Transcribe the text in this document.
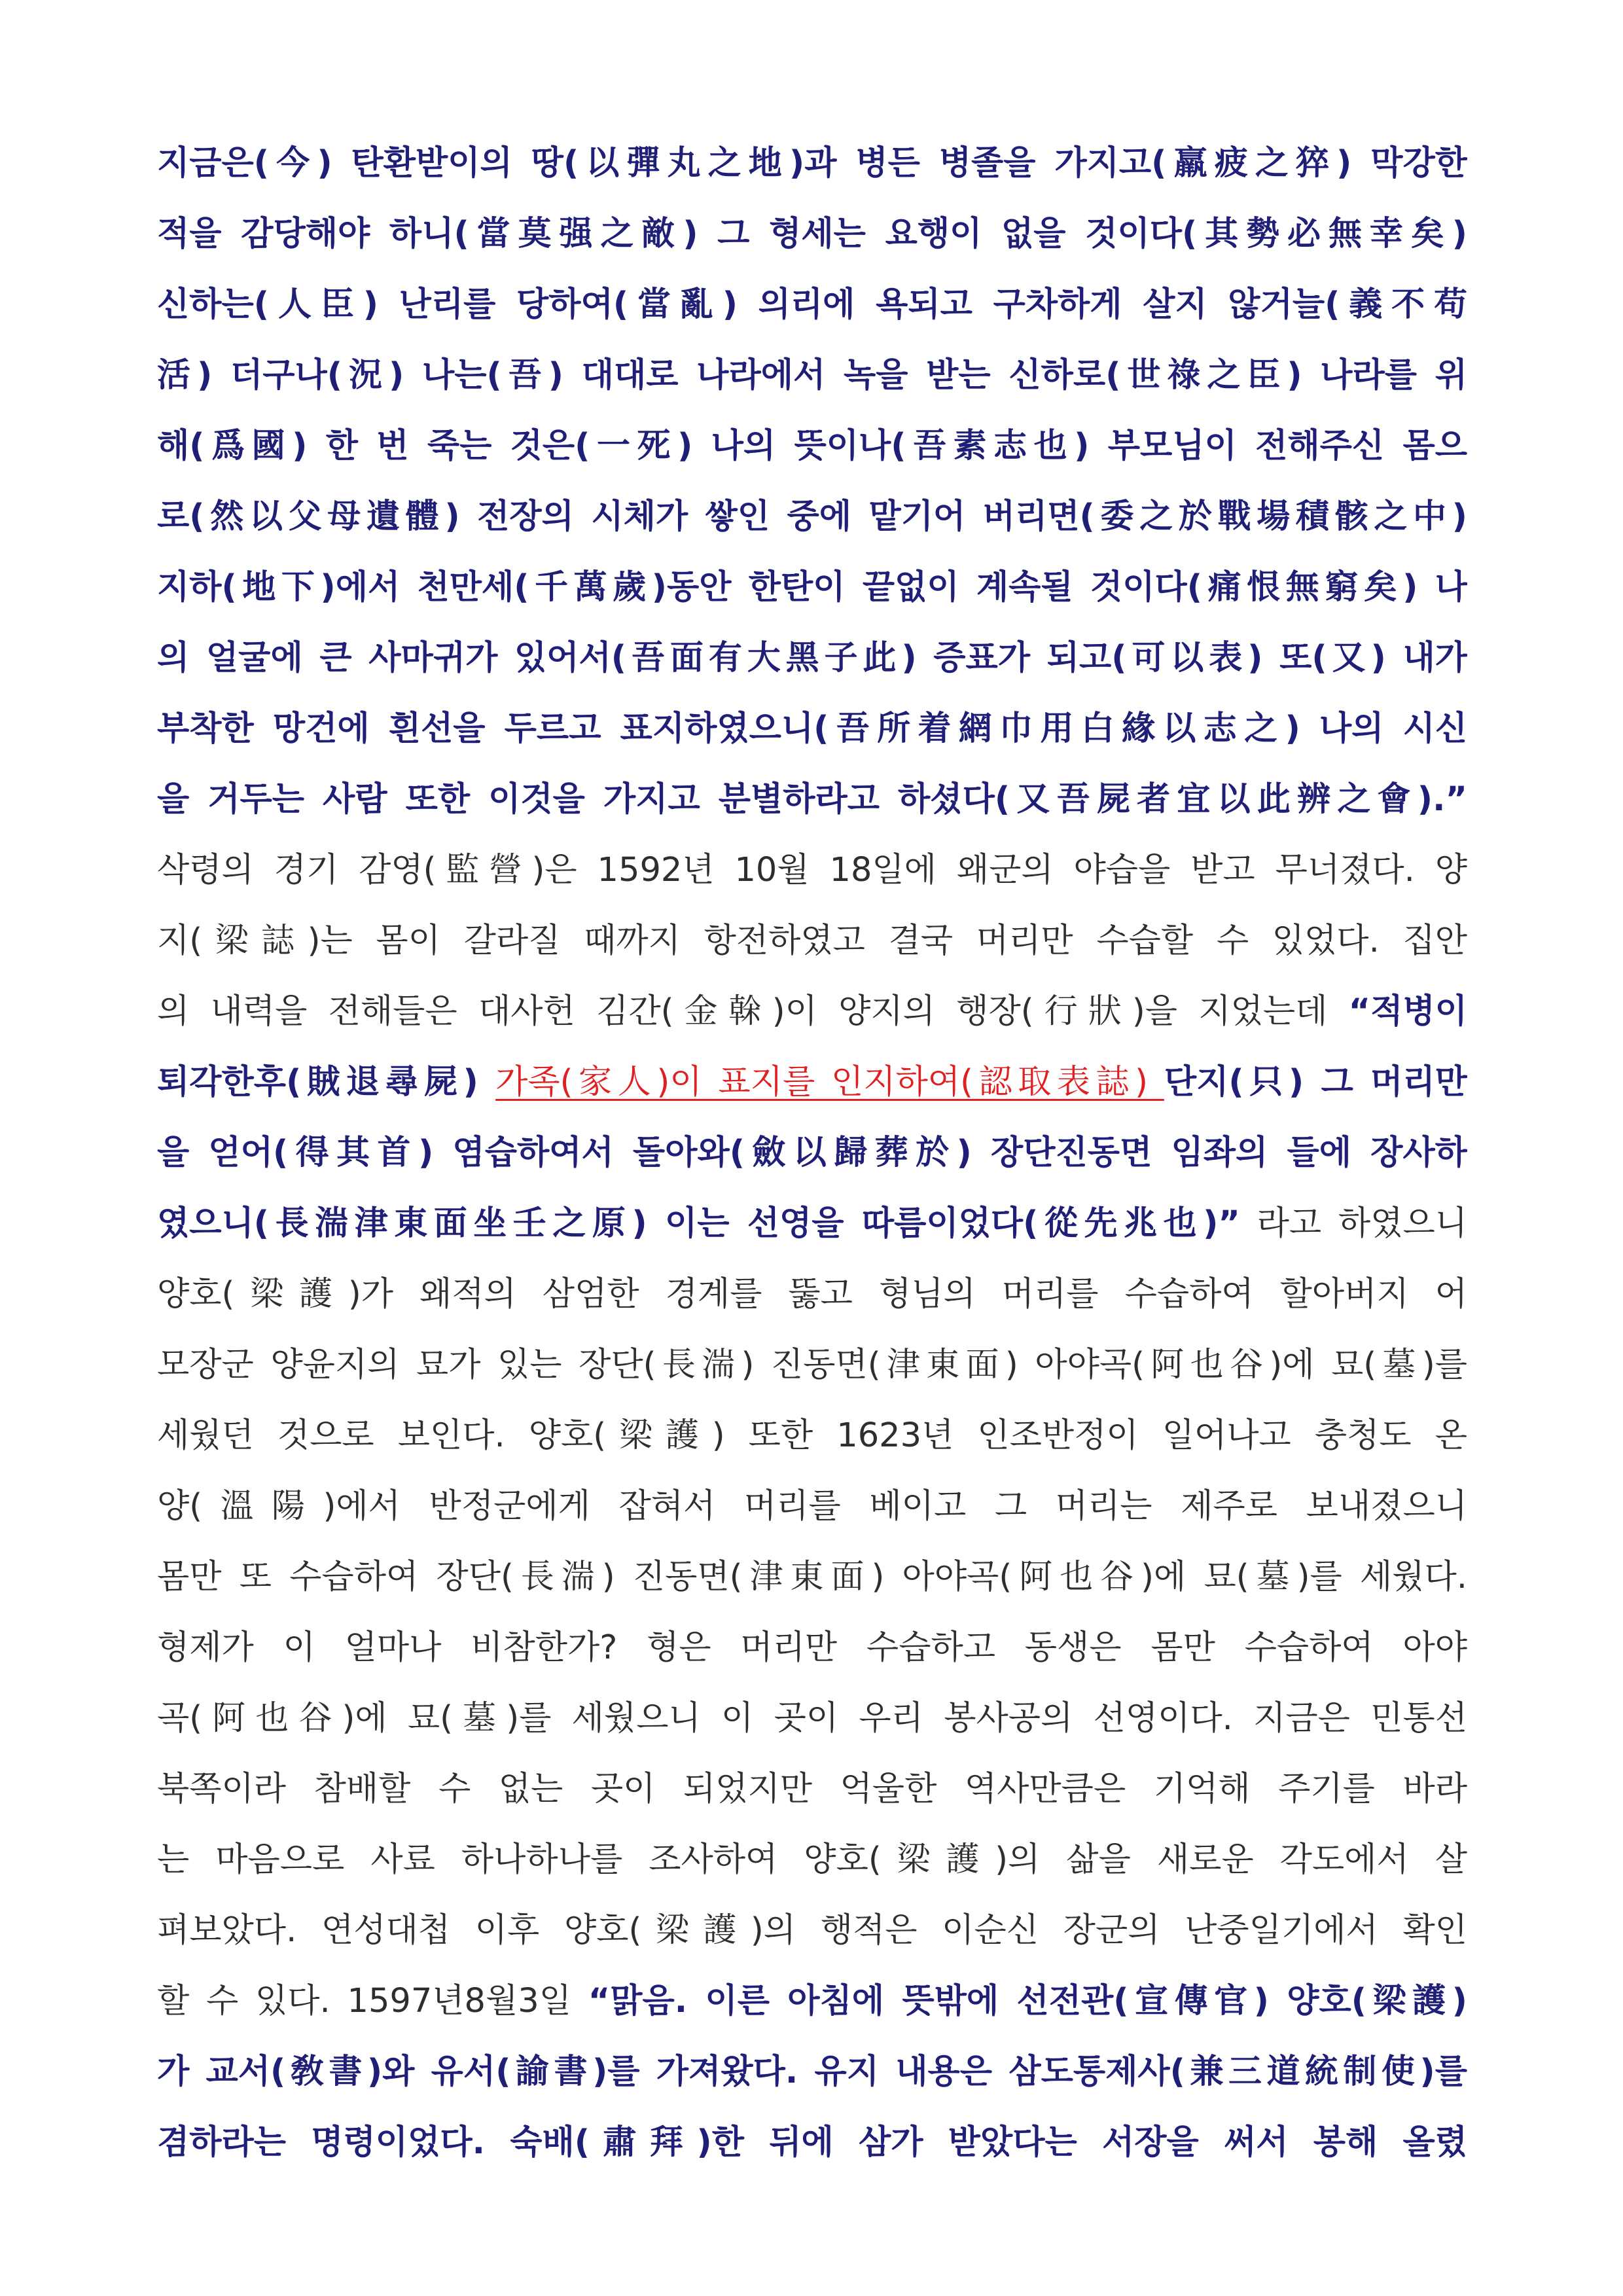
지금은(今) 탄환받이의 땅(以彈丸之地)과 병든 병졸을 가지고(羸疲之猝) 막강한
적을 감당해야 하니(當莫强之敵) 그 형세는 요행이 없을 것이다(其勢必無幸矣)
신하는(人臣) 난리를 당하여(當亂) 의리에 욕되고 구차하게 살지 않거늘(義不苟
活) 더구나(況) 나는(吾) 대대로 나라에서 녹을 받는 신하로(世祿之臣) 나라를 위
해(爲國) 한 번 죽는 것은(一死) 나의 뜻이나(吾素志也) 부모님이 전해주신 몸으
로(然以父母遺體) 전장의 시체가 쌓인 중에 맡기어 버리면(委之於戰場積骸之中)
지하(地下)에서 천만세(千萬歲)동안 한탄이 끝없이 계속될 것이다(痛恨無窮矣) 나
의 얼굴에 큰 사마귀가 있어서(吾面有大黑子此) 증표가 되고(可以表) 또(又) 내가
부착한 망건에 흰선을 두르고 표지하였으니(吾所着網巾用白緣以志之) 나의 시신
을 거두는 사람 또한 이것을 가지고 분별하라고 하셨다(又吾屍者宜以此辨之會).”
삭령의 경기 감영(監營)은 1592년 10월 18일에 왜군의 야습을 받고 무너졌다. 양
지(梁誌)는 몸이 갈라질 때까지 항전하였고 결국 머리만 수습할 수 있었다. 집안
의 내력을 전해들은 대사헌 김간(金榦)이 양지의 행장(行狀)을 지었는데 “적병이
퇴각한후(賊退尋屍) 가족(家人)이 표지를 인지하여(認取表誌) 단지(只) 그 머리만
을 얻어(得其首) 염습하여서 돌아와(斂以歸葬於) 장단진동면 임좌의 들에 장사하
였으니(長湍津東面坐壬之原) 이는 선영을 따름이었다(從先兆也)” 라고 하였으니
양호(梁護)가 왜적의 삼엄한 경계를 뚫고 형님의 머리를 수습하여 할아버지 어
모장군 양윤지의 묘가 있는 장단(長湍) 진동면(津東面) 아야곡(阿也谷)에 묘(墓)를
세웠던 것으로 보인다. 양호(梁護) 또한 1623년 인조반정이 일어나고 충청도 온
양(溫陽)에서 반정군에게 잡혀서 머리를 베이고 그 머리는 제주로 보내졌으니
몸만 또 수습하여 장단(長湍) 진동면(津東面) 아야곡(阿也谷)에 묘(墓)를 세웠다.
형제가 이 얼마나 비참한가? 형은 머리만 수습하고 동생은 몸만 수습하여 아야
곡(阿也谷)에 묘(墓)를 세웠으니 이 곳이 우리 봉사공의 선영이다. 지금은 민통선
북쪽이라 참배할 수 없는 곳이 되었지만 억울한 역사만큼은 기억해 주기를 바라
는 마음으로 사료 하나하나를 조사하여 양호(梁護)의 삶을 새로운 각도에서 살
펴보았다. 연성대첩 이후 양호(梁護)의 행적은 이순신 장군의 난중일기에서 확인
할 수 있다. 1597년8월3일 “맑음. 이른 아침에 뜻밖에 선전관(宣傳官) 양호(梁護)
가 교서(敎書)와 유서(諭書)를 가져왔다. 유지 내용은 삼도통제사(兼三道統制使)를
겸하라는 명령이었다. 숙배(肅拜)한 뒤에 삼가 받았다는 서장을 써서 봉해 올렸
